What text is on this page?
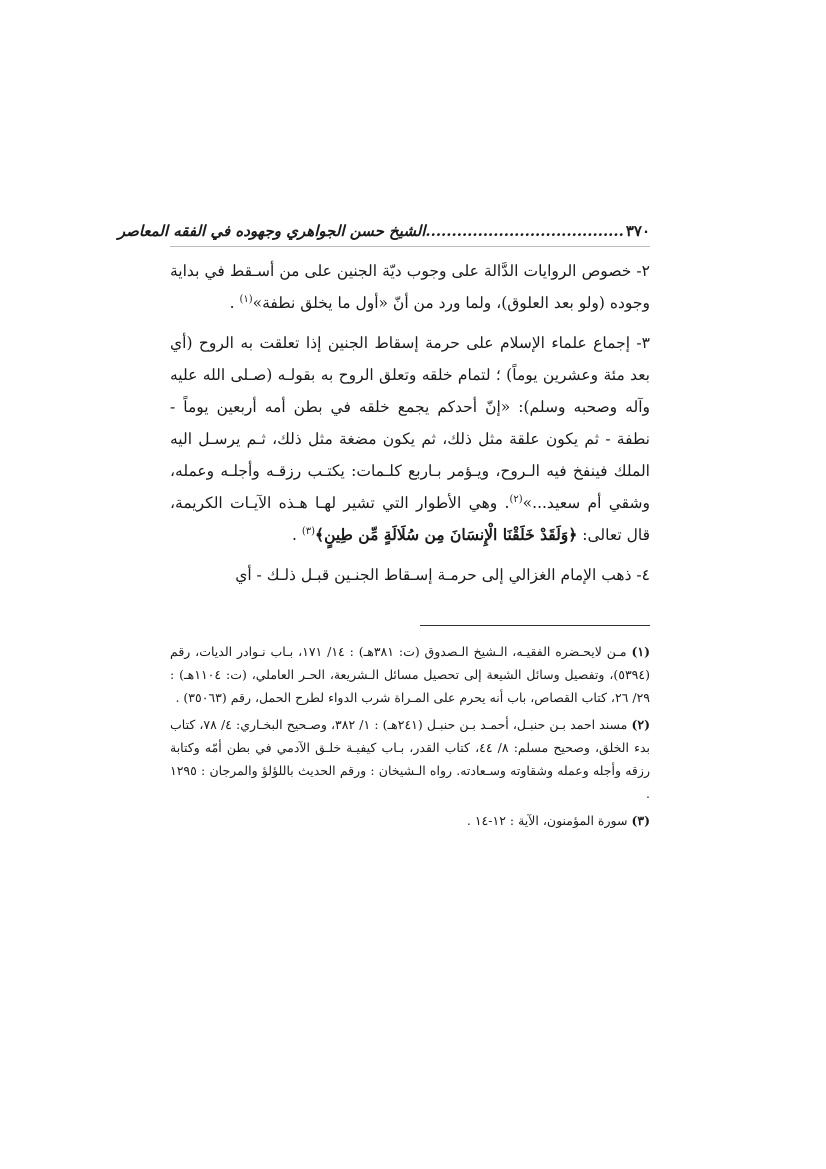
٣٧٠
......................................الشيخ حسن الجواهري وجهوده في الفقه المعاصر

٢- خصوص الروايات الدَّالة على وجوب ديّة الجنين على من أسـقط في بداية وجوده (ولو بعد العلوق)، ولما ورد من أنّ «أول ما يخلق نطفة»$^{(١)}$ .

٣- إجماع علماء الإسلام على حرمة إسقاط الجنين إذا تعلقت به الروح (أي بعد مئة وعشرين يوماً) ؛ لتمام خلقه وتعلق الروح به بقولـه (صـلى الله عليه وآله وصحبه وسلم): «إنّ أحدكم يجمع خلقه في بطن أمه أربعين يوماً - نطفة - ثم يكون علقة مثل ذلك، ثم يكون مضغة مثل ذلك، ثـم يرسـل اليه الملك فينفخ فيه الـروح، ويـؤمر بـاربع كلـمات: يكتـب رزقـه وأجلـه وعمله، وشقي أم سعيد...»$^{(٢)}$. وهي الأطوار التي تشير لهـا هـذه الآيـات الكريمة، قال تعالى: ﴿وَلَقَدْ خَلَقْنَا الْإِنسَانَ مِن سُلَالَةٍ مِّن طِينٍ﴾$^{(٣)}$ .

٤- ذهب الإمام الغزالي إلى حرمـة إسـقاط الجنـين قبـل ذلـك - أي

(١) مـن لايحـضره الفقيـه، الـشيخ الـصدوق (ت: ٣٨١هـ) : ١٤/ ١٧١، بـاب نـوادر الديات، رقم (٥٣٩٤)، وتفصيل وسائل الشيعة إلى تحصيل مسائل الـشريعة، الحـر العاملي، (ت: ١١٠٤هـ) : ٢٩/ ٢٦، كتاب القصاص، باب أنه يحرم على المـراة شرب الدواء لطرح الحمل، رقم (٣٥٠٦٣) .

(٢) مسند احمد بـن حنبـل، أحمـد بـن حنبـل (٢٤١هـ) : ١/ ٣٨٢، وصـحيح البخـاري: ٤/ ٧٨، كتاب بدء الخلق، وصحيح مسلم: ٨/ ٤٤، كتاب القدر، بـاب كيفيـة خلـق الآدمي في بطن أمّه وكتابة رزقه وأجله وعمله وشقاوته وسـعادته. رواه الـشيخان : ورقم الحديث باللؤلؤ والمرجان : ١٢٩٥ .

(٣) سورة المؤمنون، الآية : ١٢-١٤ .
